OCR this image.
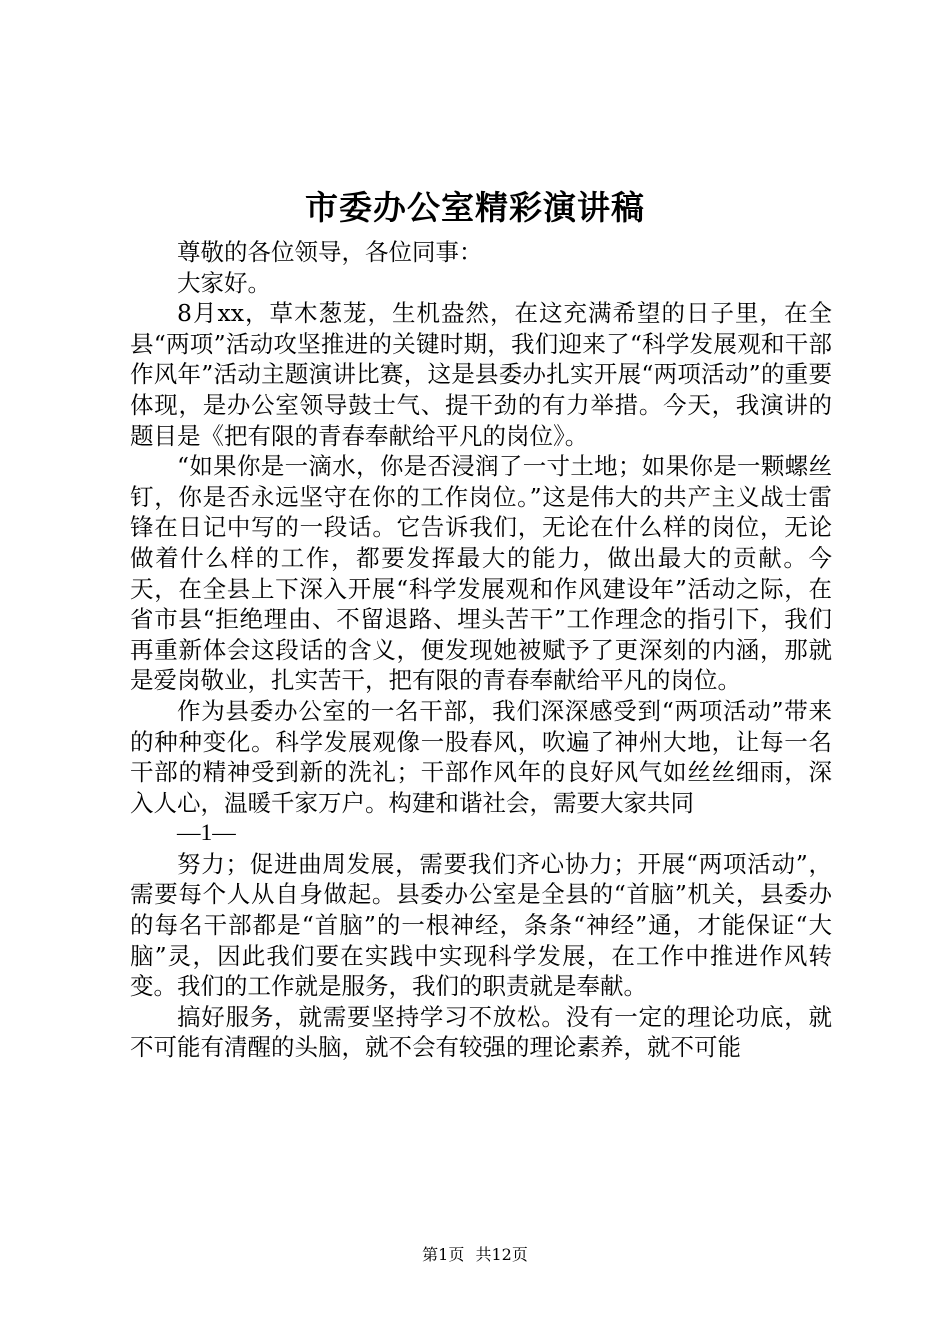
市委办公室精彩演讲稿

尊敬的各位领导，各位同事：

大家好。

8月xx，草木葱茏，生机盎然，在这充满希望的日子里，在全县“两项”活动攻坚推进的关键时期，我们迎来了“科学发展观和干部作风年”活动主题演讲比赛，这是县委办扎实开展“两项活动”的重要体现，是办公室领导鼓士气、提干劲的有力举措。今天，我演讲的题目是《把有限的青春奉献给平凡的岗位》。

“如果你是一滴水，你是否浸润了一寸土地；如果你是一颗螺丝钉，你是否永远坚守在你的工作岗位。”这是伟大的共产主义战士雷锋在日记中写的一段话。它告诉我们，无论在什么样的岗位，无论做着什么样的工作，都要发挥最大的能力，做出最大的贡献。今天，在全县上下深入开展“科学发展观和作风建设年”活动之际，在省市县“拒绝理由、不留退路、埋头苦干”工作理念的指引下，我们再重新体会这段话的含义，便发现她被赋予了更深刻的内涵，那就是爱岗敬业，扎实苦干，把有限的青春奉献给平凡的岗位。

作为县委办公室的一名干部，我们深深感受到“两项活动”带来的种种变化。科学发展观像一股春风，吹遍了神州大地，让每一名干部的精神受到新的洗礼；干部作风年的良好风气如丝丝细雨，深入人心，温暖千家万户。构建和谐社会，需要大家共同

—1—

努力；促进曲周发展，需要我们齐心协力；开展“两项活动”，需要每个人从自身做起。县委办公室是全县的“首脑”机关，县委办的每名干部都是“首脑”的一根神经，条条“神经”通，才能保证“大脑”灵，因此我们要在实践中实现科学发展，在工作中推进作风转变。我们的工作就是服务，我们的职责就是奉献。

搞好服务，就需要坚持学习不放松。没有一定的理论功底，就不可能有清醒的头脑，就不会有较强的理论素养，就不可能

第1页 共12页
